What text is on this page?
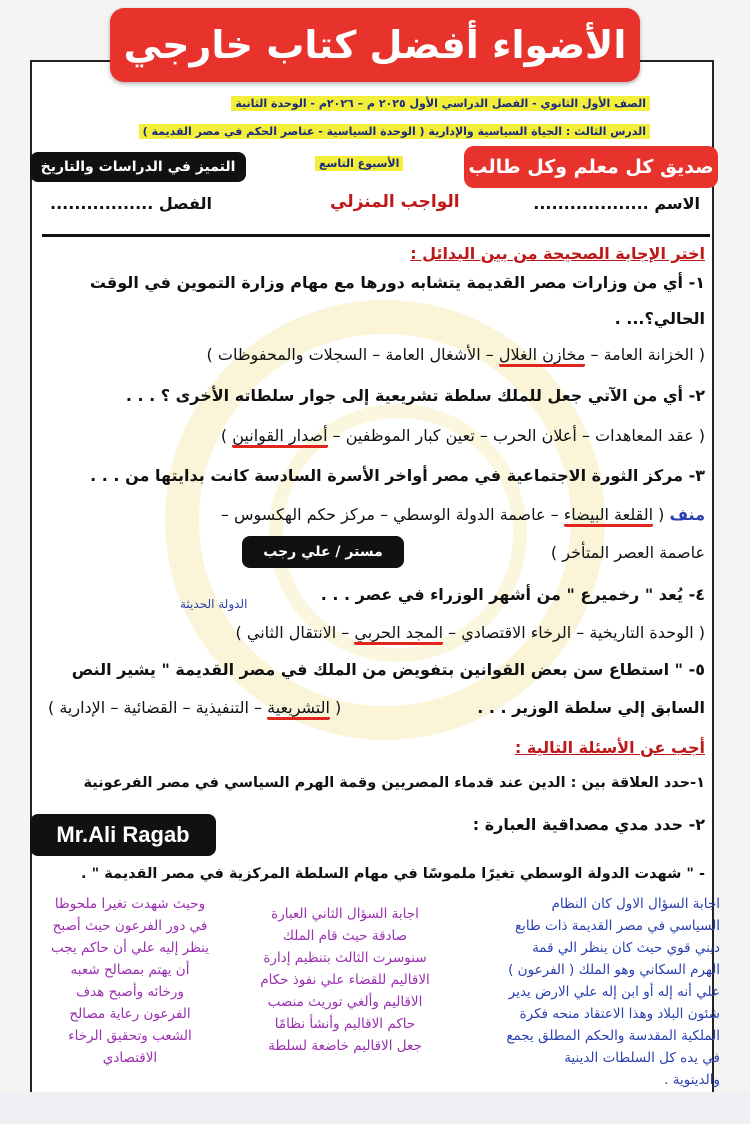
الأضواء أفضل كتاب خارجي
الصف الأول الثانوي - الفصل الدراسي الأول ٢٠٢٥ م – ٢٠٢٦م - الوحدة الثانية
الدرس الثالث : الحياة السياسية والإدارية ( الوحدة السياسية - عناصر الحكم في مصر القديمة )
الأسبوع التاسع
التميز في الدراسات والتاريخ	صديق كل معلم وكل طالب
الاسم ...................
الواجب المنزلي
الفصل .................
اختر الإجابة الصحيحة من بين البدائل :
١- أي من وزارات مصر القديمة يتشابه دورها مع مهام وزارة التموين في الوقت
الحالي؟... .
( الخزانة العامة – مخازن الغلال – الأشغال العامة – السجلات والمحفوظات )
٢- أي من الآتي جعل للملك سلطة تشريعية إلى جوار سلطاته الأخرى ؟ . . .
( عقد المعاهدات – أعلان الحرب – تعين كبار الموظفين – أصدار القوانين )
٣- مركز الثورة الاجتماعية في مصر أواخر الأسرة السادسة كانت بدايتها من . . .
منف ( القلعة البيضاء – عاصمة الدولة الوسطي – مركز حكم الهكسوس –
عاصمة العصر المتأخر )
مستر / علي رجب
الدولة الحديثة	٤- يُعد " رخميرع " من أشهر الوزراء في عصر . . .
( الوحدة التاريخية – الرخاء الاقتصادي – المجد الحربي – الانتقال الثاني )
٥- " استطاع سن بعض القوانين بتفويض من الملك في مصر القديمة " يشير النص
السابق إلي سلطة الوزير . . .
( التشريعية – التنفيذية – القضائية – الإدارية )
أجب عن الأسئلة التالية :
١-حدد العلاقة بين : الدين عند قدماء المصريين وقمة الهرم السياسي في مصر الفرعونية
٢- حدد مدي مصداقية العبارة :
Mr.Ali Ragab
- " شهدت الدولة الوسطي تغيرًا ملموسًا في مهام السلطة المركزية في مصر القديمة " .
اجابة السؤال الاول كان النظام
السياسي في مصر القديمة ذات طابع
ديني قوي حيث كان ينظر الي قمة
الهرم السكاني وهو الملك ( الفرعون )
علي أنه إله أو ابن إله علي الارض يدير
شئون البلاد وهذا الاعتقاد منحه فكرة
الملكية المقدسة والحكم المطلق يجمع
في يده كل السلطات الدينية
والدينوية .
اجابة السؤال الثاني العبارة
صادقة حيث قام الملك
سنوسرت الثالث بتنظيم إدارة
الاقاليم للقضاء علي نفوذ حكام
الاقاليم وألغي توريث منصب
حاكم الاقاليم وأنشأ نظامًا
جعل الاقاليم خاضعة لسلطة
وحيث شهدت تغيرا ملحوظا
في دور الفرعون حيث أصبح
ينظر إليه علي أن حاكم يجب
أن يهتم بمصالح شعبه
ورخائه وأصبح هدف
الفرعون رعاية مصالح
الشعب وتحقيق الرخاء
الاقتصادي
